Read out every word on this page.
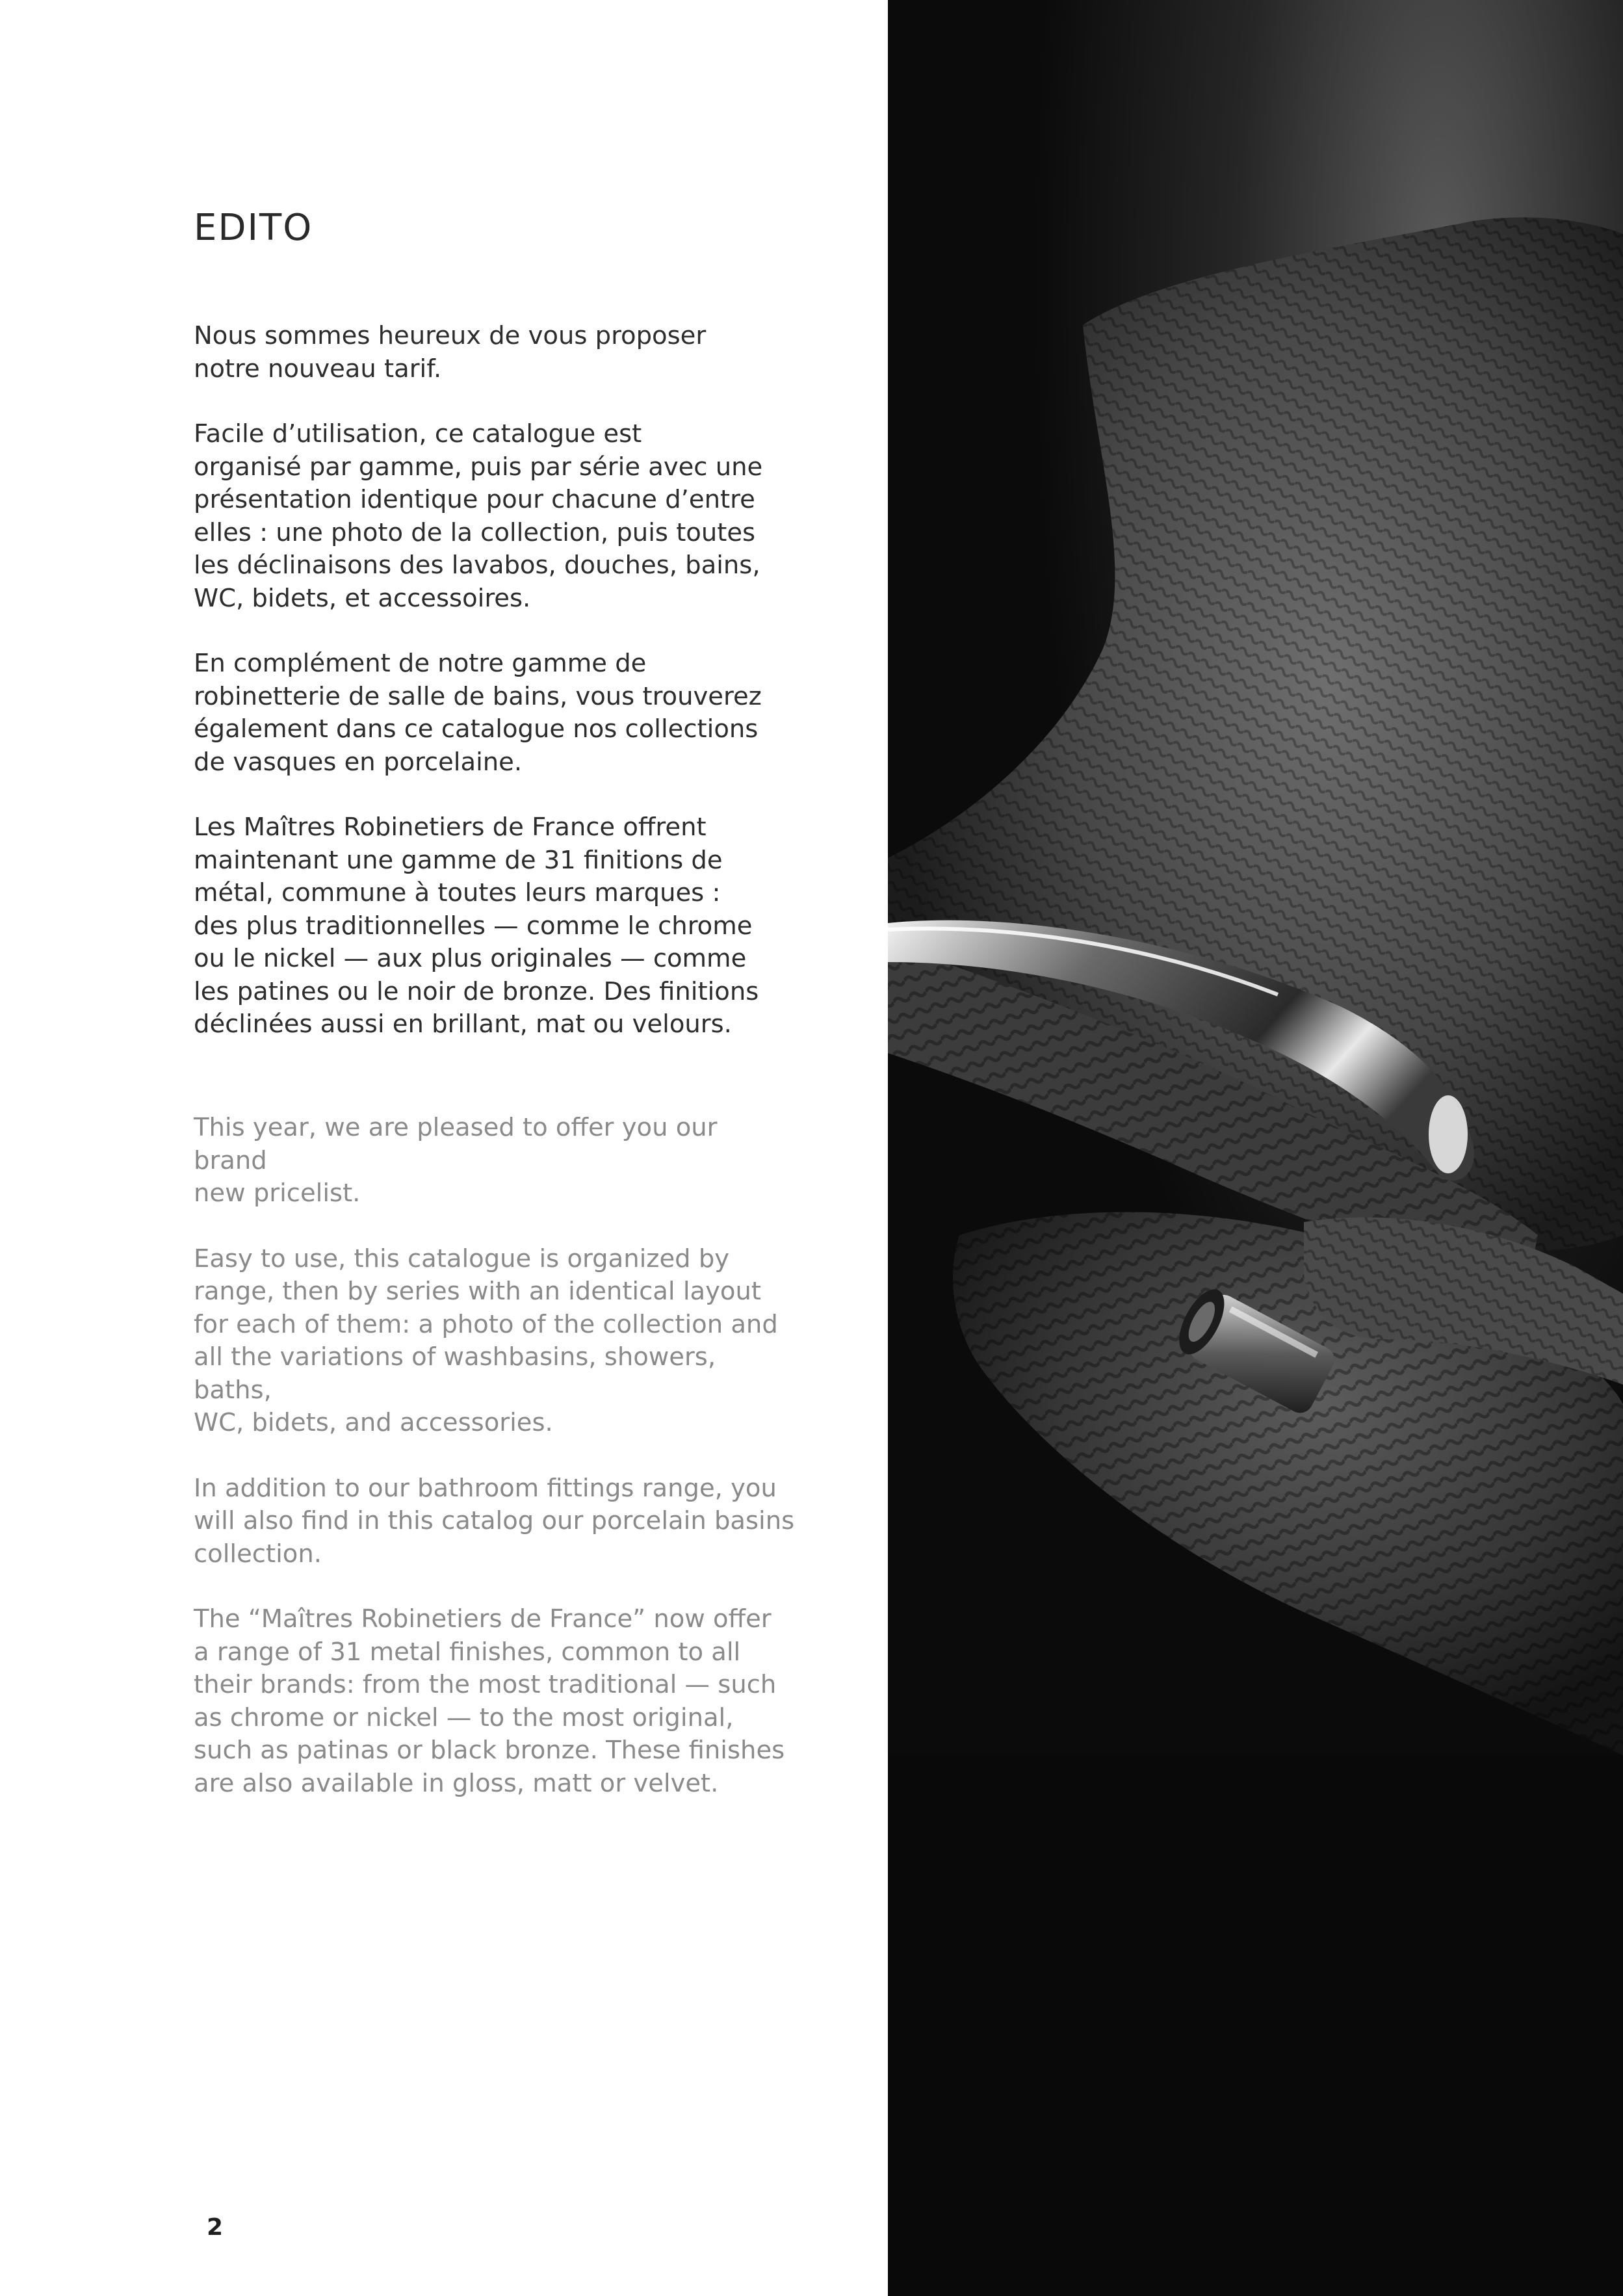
EDITO

Nous sommes heureux de vous proposer
notre nouveau tarif.

Facile d’utilisation, ce catalogue est
organisé par gamme, puis par série avec une
présentation identique pour chacune d’entre
elles : une photo de la collection, puis toutes
les déclinaisons des lavabos, douches, bains,
WC, bidets, et accessoires.

En complément de notre gamme de
robinetterie de salle de bains, vous trouverez
également dans ce catalogue nos collections
de vasques en porcelaine.

Les Maîtres Robinetiers de France offrent
maintenant une gamme de 31 finitions de
métal, commune à toutes leurs marques :
des plus traditionnelles — comme le chrome
ou le nickel — aux plus originales — comme
les patines ou le noir de bronze. Des finitions
déclinées aussi en brillant, mat ou velours.

This year, we are pleased to offer you our brand
new pricelist.

Easy to use, this catalogue is organized by
range, then by series with an identical layout
for each of them: a photo of the collection and
all the variations of washbasins, showers, baths,
WC, bidets, and accessories.

In addition to our bathroom fittings range, you
will also find in this catalog our porcelain basins
collection.

The “Maîtres Robinetiers de France” now offer
a range of 31 metal finishes, common to all
their brands: from the most traditional — such
as chrome or nickel — to the most original,
such as patinas or black bronze. These finishes
are also available in gloss, matt or velvet.

2
